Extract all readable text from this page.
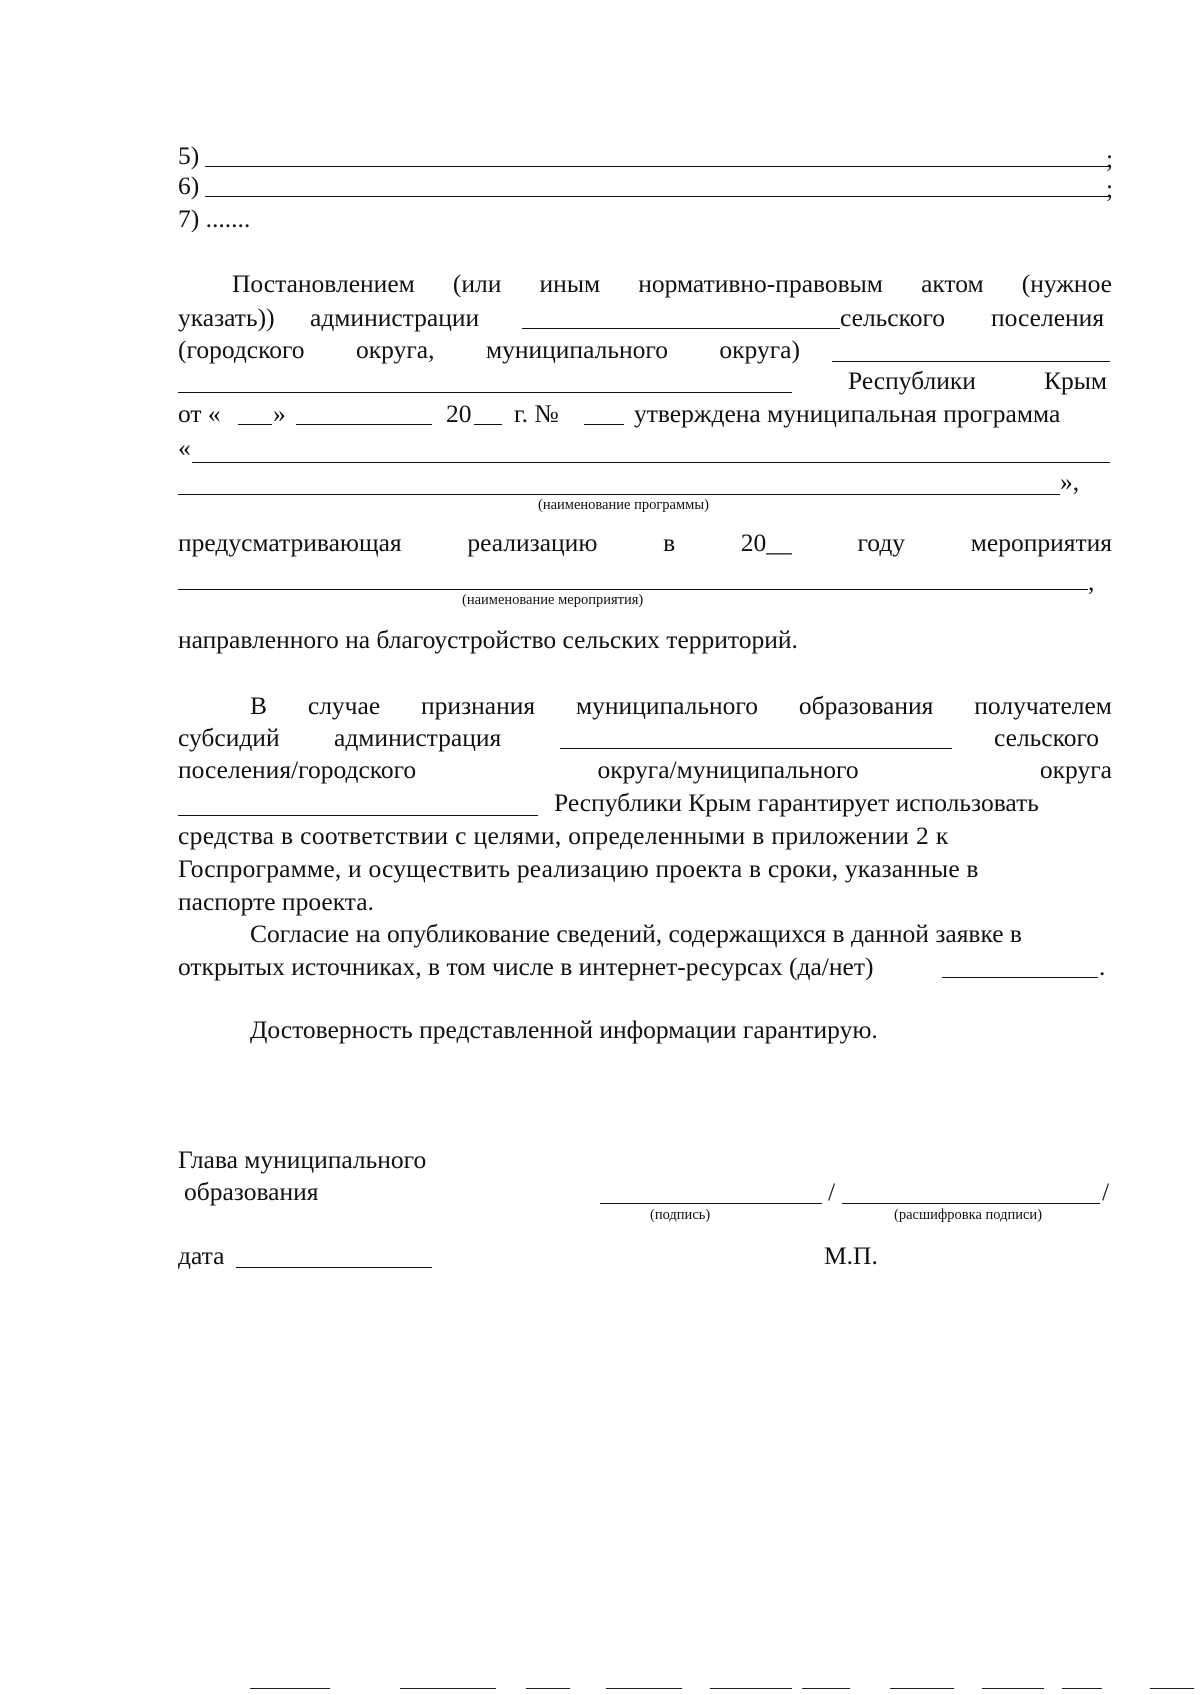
5)	;
6)	;
7) .......
Постановлением (или иным нормативно-правовым актом (нужное
указать)) администрации	сельского поселения
(городского округа, муниципального округа)
Республики	Крым
от « »	20 г. №	утверждена муниципальная программа
«
»,
(наименование программы)
предусматривающая	реализацию	в	20__	году	мероприятия
,
(наименование мероприятия)
направленного на благоустройство сельских территорий.
В случае признания муниципального образования получателем
субсидий администрация	сельского
поселения/городского	округа/муниципального	округа
Республики Крым гарантирует использовать
средства в соответствии с целями, определенными в приложении 2 к
Госпрограмме, и осуществить реализацию проекта в сроки, указанные в
паспорте проекта.
Согласие на опубликование сведений, содержащихся в данной заявке в
открытых источниках, в том числе в интернет-ресурсах (да/нет)	.
Достоверность представленной информации гарантирую.
Глава муниципального
образования	/	/
(подпись)	(расшифровка подписи)
дата	М.П.
